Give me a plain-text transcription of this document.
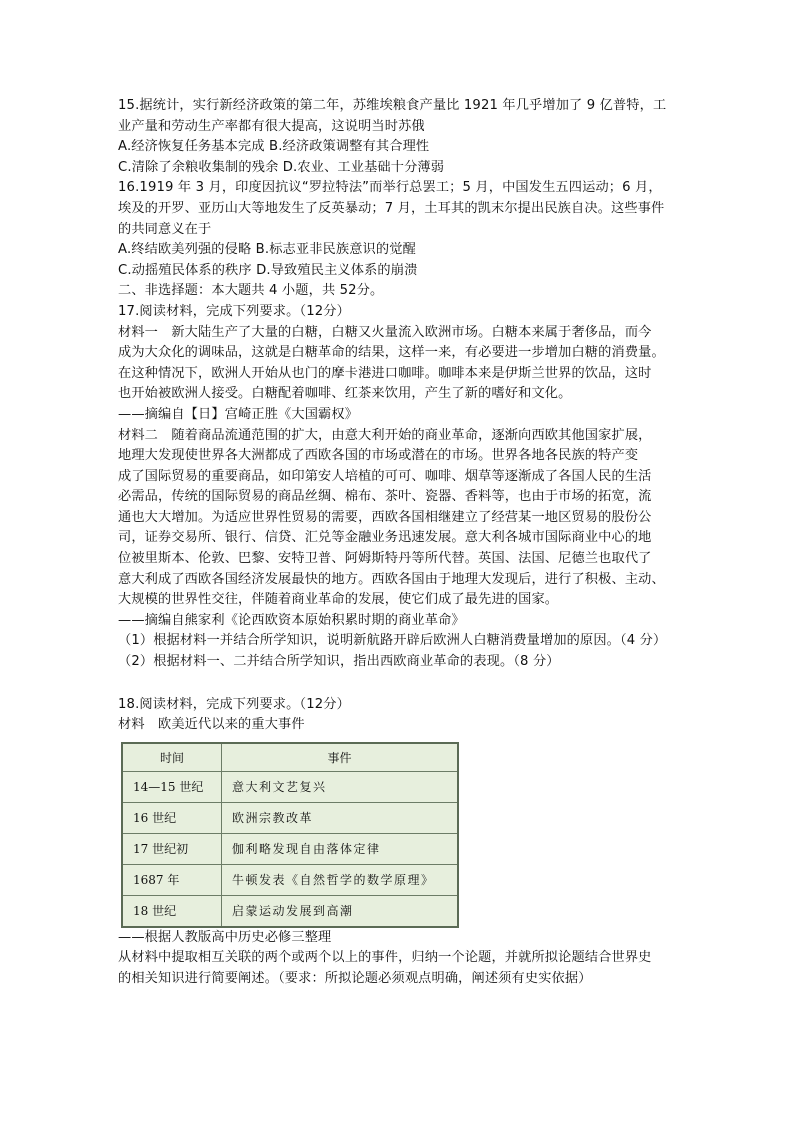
15.据统计，实行新经济政策的第二年，苏维埃粮食产量比 1921 年几乎增加了 9 亿普特，工
业产量和劳动生产率都有很大提高，这说明当时苏俄
A.经济恢复任务基本完成 B.经济政策调整有其合理性
C.清除了余粮收集制的残余 D.农业、工业基础十分薄弱
16.1919 年 3 月，印度因抗议“罗拉特法”而举行总罢工；5 月，中国发生五四运动；6 月，
埃及的开罗、亚历山大等地发生了反英暴动；7 月，土耳其的凯末尔提出民族自决。这些事件
的共同意义在于
A.终结欧美列强的侵略 B.标志亚非民族意识的觉醒
C.动摇殖民体系的秩序 D.导致殖民主义体系的崩溃
二、非选择题：本大题共 4 小题，共 52分。
17.阅读材料，完成下列要求。（12分）
材料一　新大陆生产了大量的白糖，白糖又火量流入欧洲市场。白糖本来属于奢侈品，而今
成为大众化的调味品，这就是白糖革命的结果，这样一来，有必要进一步增加白糖的消费量。
在这种情况下，欧洲人开始从也门的摩卡港进口咖啡。咖啡本来是伊斯兰世界的饮品，这时
也开始被欧洲人接受。白糖配着咖啡、红茶来饮用，产生了新的嗜好和文化。
——摘编自【日】宫崎正胜《大国霸权》
材料二　随着商品流通范围的扩大，由意大利开始的商业革命，逐渐向西欧其他国家扩展，
地理大发现使世界各大洲都成了西欧各国的市场或潜在的市场。世界各地各民族的特产变
成了国际贸易的重要商品，如印第安人培植的可可、咖啡、烟草等逐渐成了各国人民的生活
必需品，传统的国际贸易的商品丝绸、棉布、茶叶、瓷器、香料等，也由于市场的拓宽，流
通也大大增加。为适应世界性贸易的需要，西欧各国相继建立了经营某一地区贸易的股份公
司，证券交易所、银行、信贷、汇兑等金融业务迅速发展。意大利各城市国际商业中心的地
位被里斯本、伦敦、巴黎、安特卫普、阿姆斯特丹等所代替。英国、法国、尼德兰也取代了
意大利成了西欧各国经济发展最快的地方。西欧各国由于地理大发现后，进行了积极、主动、
大规模的世界性交往，伴随着商业革命的发展，使它们成了最先进的国家。
——摘编自熊家利《论西欧资本原始积累时期的商业革命》
（1）根据材料一并结合所学知识，说明新航路开辟后欧洲人白糖消费量增加的原因。（4 分）
（2）根据材料一、二并结合所学知识，指出西欧商业革命的表现。（8 分）
18.阅读材料，完成下列要求。（12分）
材料　欧美近代以来的重大事件
时间	事件
14—15 世纪	意大利文艺复兴
16 世纪	欧洲宗教改革
17 世纪初	伽利略发现自由落体定律
1687 年	牛顿发表《自然哲学的数学原理》
18 世纪	启蒙运动发展到高潮
——根据人教版高中历史必修三整理
从材料中提取相互关联的两个或两个以上的事件，归纳一个论题，并就所拟论题结合世界史
的相关知识进行简要阐述。（要求：所拟论题必须观点明确，阐述须有史实依据）
